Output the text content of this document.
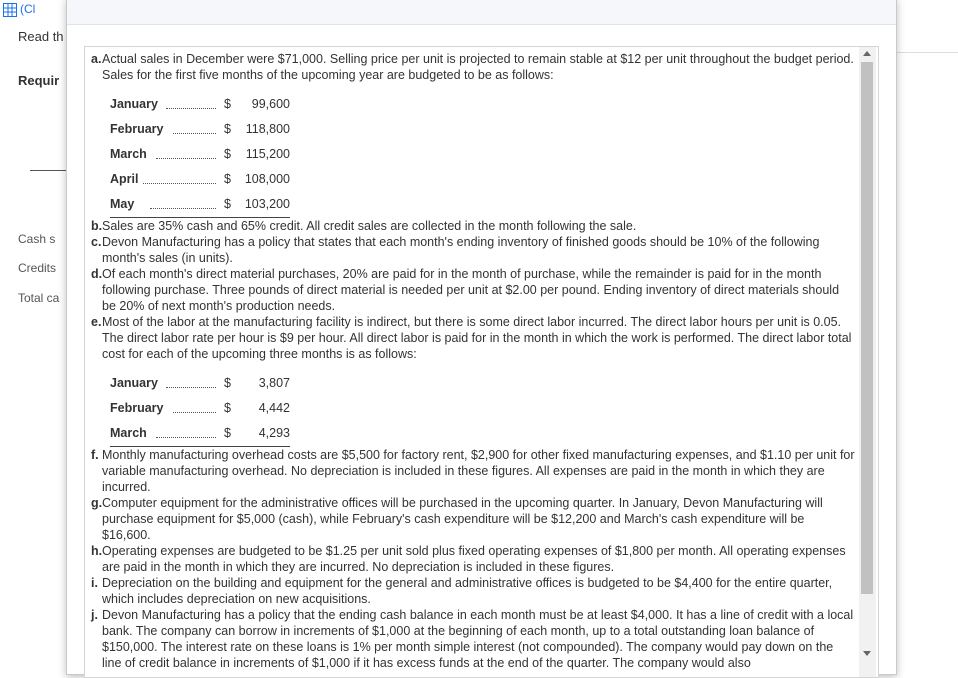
(Cl
Read th
Requir
Cash s
Credits
Total ca
a. Actual sales in December were $71,000. Selling price per unit is projected to remain stable at $12 per unit throughout the budget period. Sales for the first five months of the upcoming year are budgeted to be as follows:
January	$	99,600
February	$	118,800
March	$	115,200
April	$	108,000
May	$	103,200
b. Sales are 35% cash and 65% credit. All credit sales are collected in the month following the sale.
c. Devon Manufacturing has a policy that states that each month's ending inventory of finished goods should be 10% of the following month's sales (in units).
d. Of each month's direct material purchases, 20% are paid for in the month of purchase, while the remainder is paid for in the month following purchase. Three pounds of direct material is needed per unit at $2.00 per pound. Ending inventory of direct materials should be 20% of next month's production needs.
e. Most of the labor at the manufacturing facility is indirect, but there is some direct labor incurred. The direct labor hours per unit is 0.05. The direct labor rate per hour is $9 per hour. All direct labor is paid for in the month in which the work is performed. The direct labor total cost for each of the upcoming three months is as follows:
January	$	3,807
February	$	4,442
March	$	4,293
f. Monthly manufacturing overhead costs are $5,500 for factory rent, $2,900 for other fixed manufacturing expenses, and $1.10 per unit for variable manufacturing overhead. No depreciation is included in these figures. All expenses are paid in the month in which they are incurred.
g. Computer equipment for the administrative offices will be purchased in the upcoming quarter. In January, Devon Manufacturing will purchase equipment for $5,000 (cash), while February's cash expenditure will be $12,200 and March's cash expenditure will be $16,600.
h. Operating expenses are budgeted to be $1.25 per unit sold plus fixed operating expenses of $1,800 per month. All operating expenses are paid in the month in which they are incurred. No depreciation is included in these figures.
i. Depreciation on the building and equipment for the general and administrative offices is budgeted to be $4,400 for the entire quarter, which includes depreciation on new acquisitions.
j. Devon Manufacturing has a policy that the ending cash balance in each month must be at least $4,000. It has a line of credit with a local bank. The company can borrow in increments of $1,000 at the beginning of each month, up to a total outstanding loan balance of $150,000. The interest rate on these loans is 1% per month simple interest (not compounded). The company would pay down on the line of credit balance in increments of $1,000 if it has excess funds at the end of the quarter. The company would also
